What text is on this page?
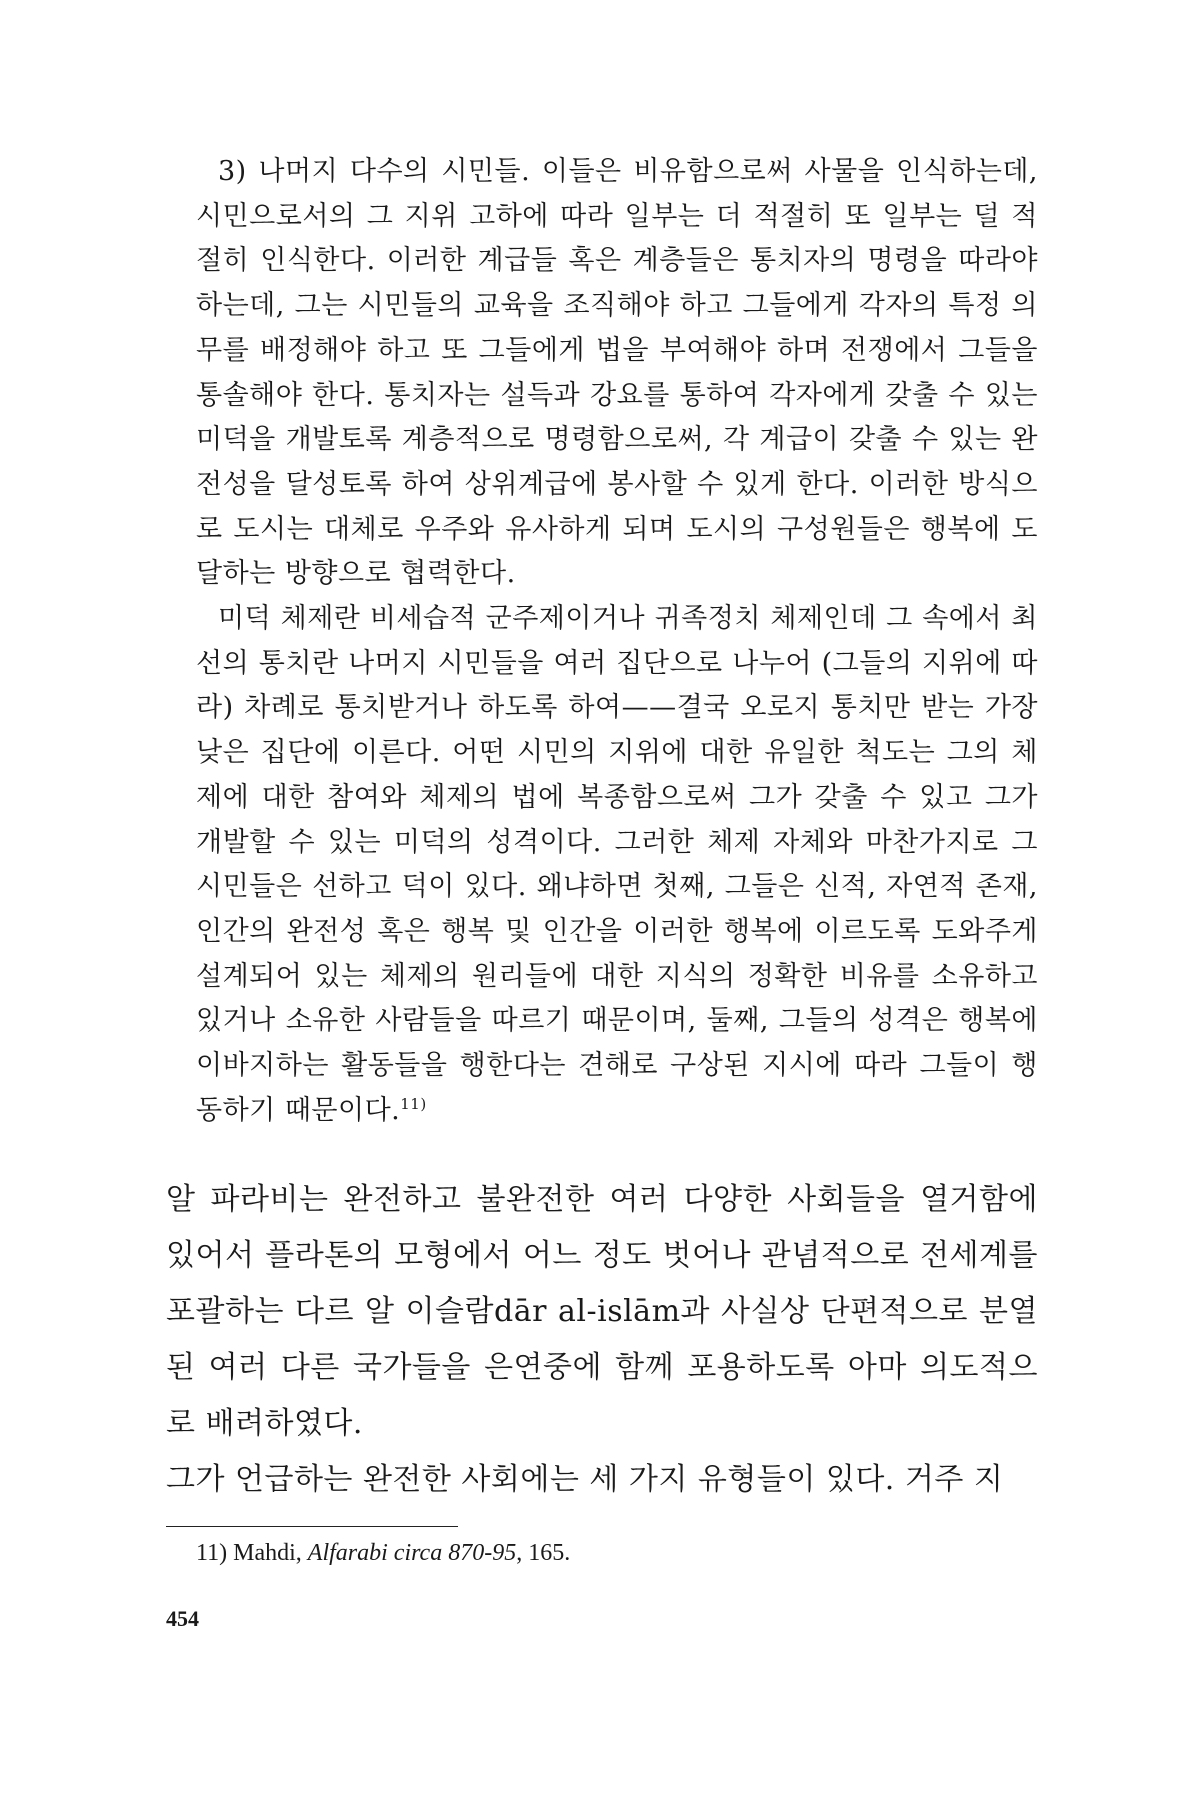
3) 나머지 다수의 시민들. 이들은 비유함으로써 사물을 인식하는데, 시민으로서의 그 지위 고하에 따라 일부는 더 적절히 또 일부는 덜 적절히 인식한다. 이러한 계급들 혹은 계층들은 통치자의 명령을 따라야 하는데, 그는 시민들의 교육을 조직해야 하고 그들에게 각자의 특정 의무를 배정해야 하고 또 그들에게 법을 부여해야 하며 전쟁에서 그들을 통솔해야 한다. 통치자는 설득과 강요를 통하여 각자에게 갖출 수 있는 미덕을 개발토록 계층적으로 명령함으로써, 각 계급이 갖출 수 있는 완전성을 달성토록 하여 상위계급에 봉사할 수 있게 한다. 이러한 방식으로 도시는 대체로 우주와 유사하게 되며 도시의 구성원들은 행복에 도달하는 방향으로 협력한다.

미덕 체제란 비세습적 군주제이거나 귀족정치 체제인데 그 속에서 최선의 통치란 나머지 시민들을 여러 집단으로 나누어 (그들의 지위에 따라) 차례로 통치받거나 하도록 하여——결국 오로지 통치만 받는 가장 낮은 집단에 이른다. 어떤 시민의 지위에 대한 유일한 척도는 그의 체제에 대한 참여와 체제의 법에 복종함으로써 그가 갖출 수 있고 그가 개발할 수 있는 미덕의 성격이다. 그러한 체제 자체와 마찬가지로 그 시민들은 선하고 덕이 있다. 왜냐하면 첫째, 그들은 신적, 자연적 존재, 인간의 완전성 혹은 행복 및 인간을 이러한 행복에 이르도록 도와주게 설계되어 있는 체제의 원리들에 대한 지식의 정확한 비유를 소유하고 있거나 소유한 사람들을 따르기 때문이며, 둘째, 그들의 성격은 행복에 이바지하는 활동들을 행한다는 견해로 구상된 지시에 따라 그들이 행동하기 때문이다.$^{11)}$

알 파라비는 완전하고 불완전한 여러 다양한 사회들을 열거함에 있어서 플라톤의 모형에서 어느 정도 벗어나 관념적으로 전세계를 포괄하는 다르 알 이슬람dār al-islām과 사실상 단편적으로 분열된 여러 다른 국가들을 은연중에 함께 포용하도록 아마 의도적으로 배려하였다.

그가 언급하는 완전한 사회에는 세 가지 유형들이 있다. 거주 지

11) Mahdi, Alfarabi circa 870-95, 165.
454
